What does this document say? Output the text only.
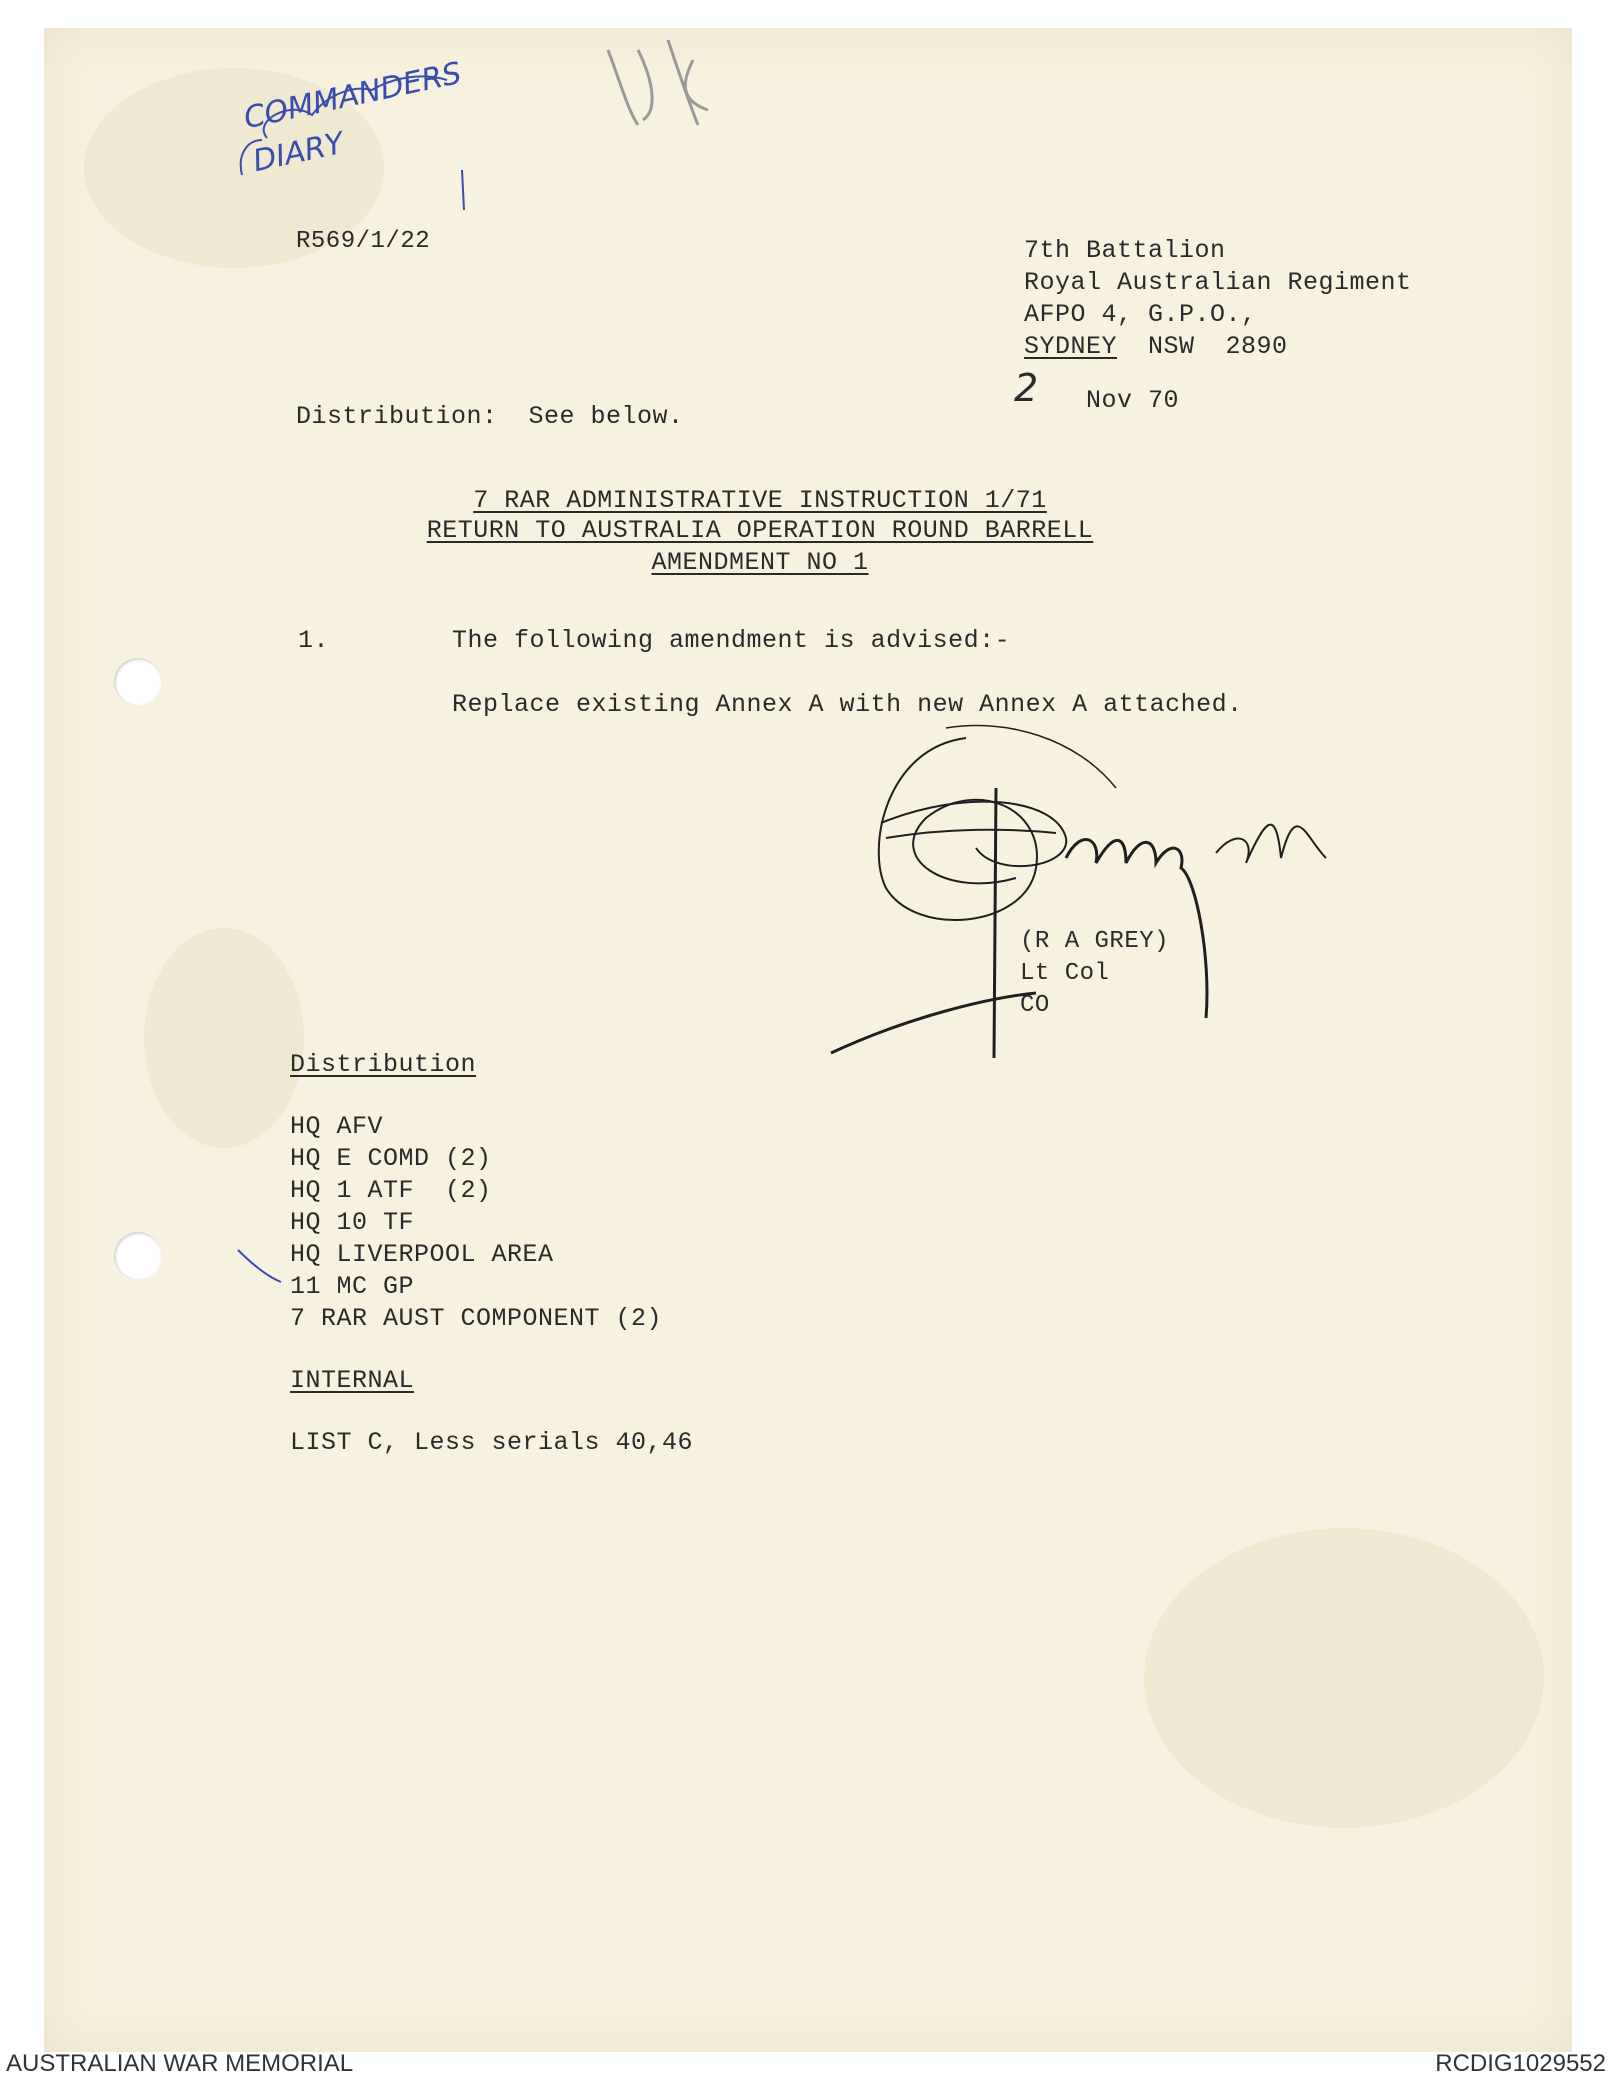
COMMANDERS DIARY
R569/1/22	7th Battalion
Royal Australian Regiment
AFPO 4, G.P.O.,
SYDNEY NSW  2890
2 Nov 70
Distribution:  See below.
7 RAR ADMINISTRATIVE INSTRUCTION 1/71
RETURN TO AUSTRALIA OPERATION ROUND BARRELL
AMENDMENT NO 1
1.	The following amendment is advised:-
Replace existing Annex A with new Annex A attached.
(R A GREY)
Lt Col
CO
Distribution
HQ AFV
HQ E COMD (2)
HQ 1 ATF  (2)
HQ 10 TF
HQ LIVERPOOL AREA
11 MC GP
7 RAR AUST COMPONENT (2)
INTERNAL
LIST C, Less serials 40,46
AUSTRALIAN WAR MEMORIAL	RCDIG1029552
